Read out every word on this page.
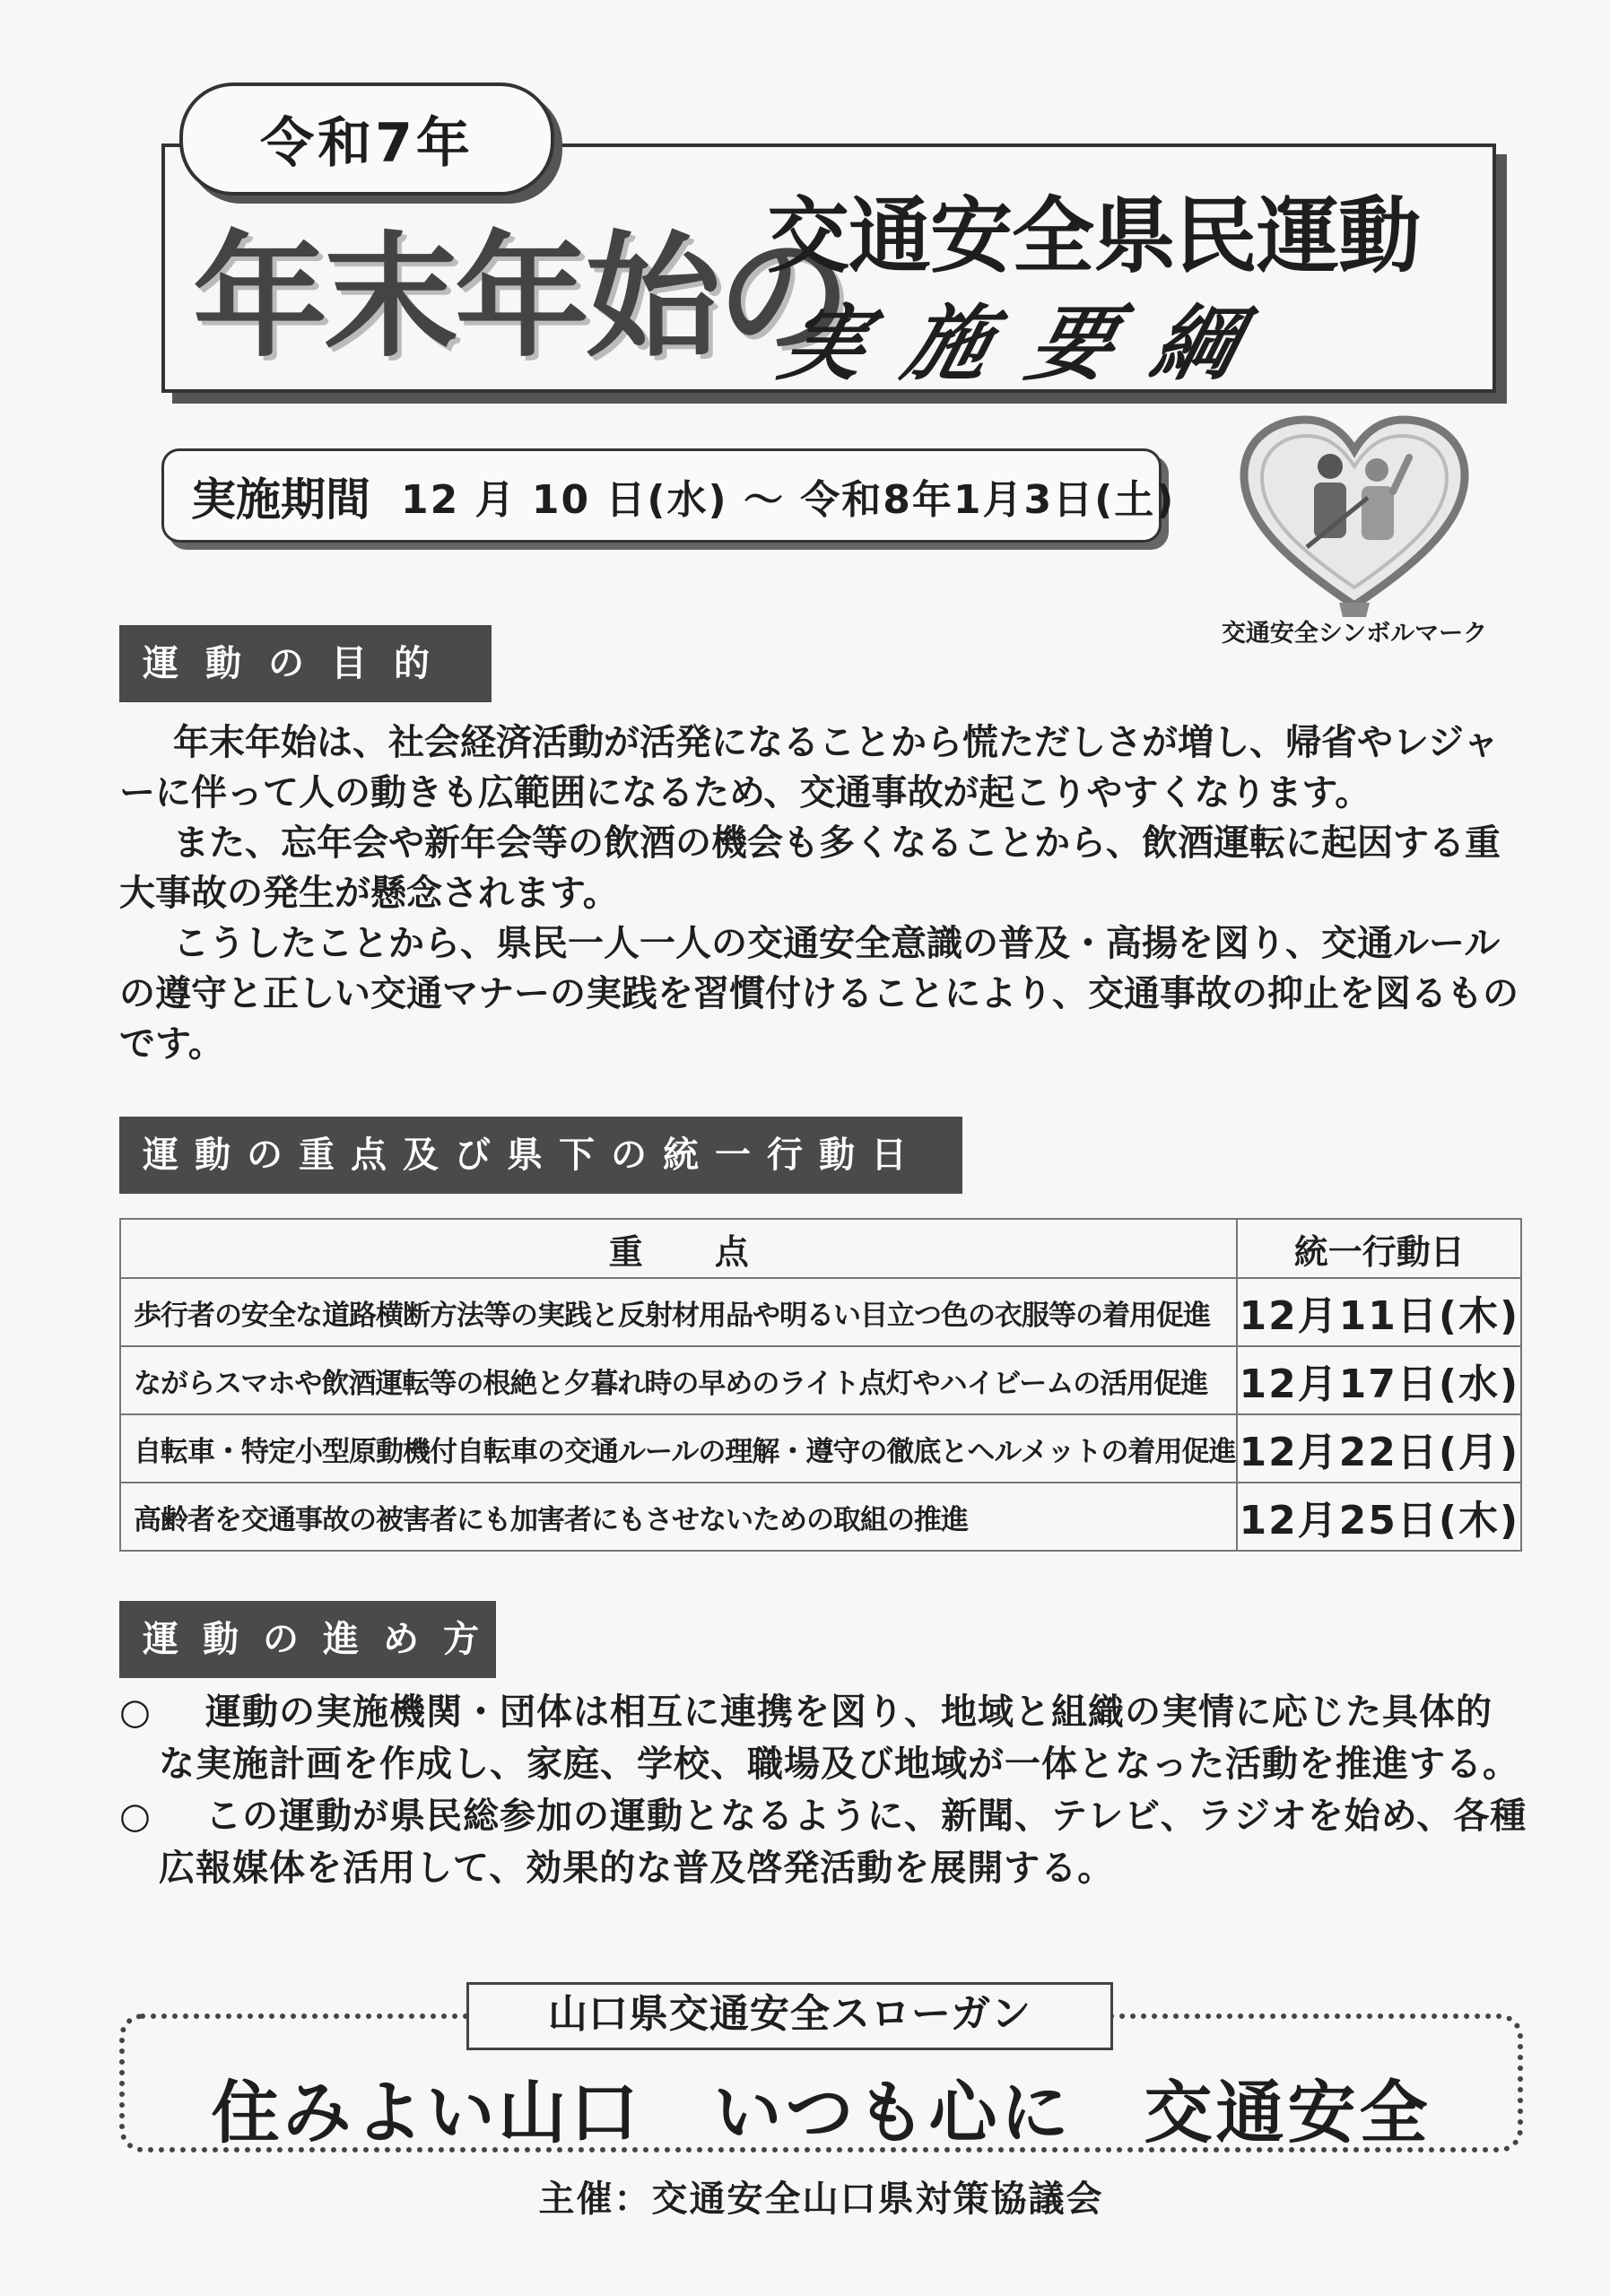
令和7年
年末年始の
交通安全県民運動
実施要綱
実施期間 12 月 10 日(水) ～ 令和8年1月3日(土)
交通安全シンボルマーク
運動の目的

年末年始は、社会経済活動が活発になることから慌ただしさが増し、帰省やレジャーに伴って人の動きも広範囲になるため、交通事故が起こりやすくなります。

また、忘年会や新年会等の飲酒の機会も多くなることから、飲酒運転に起因する重大事故の発生が懸念されます。

こうしたことから、県民一人一人の交通安全意識の普及・高揚を図り、交通ルールの遵守と正しい交通マナーの実践を習慣付けることにより、交通事故の抑止を図るものです。

運動の重点及び県下の統一行動日
重点	統一行動日
歩行者の安全な道路横断方法等の実践と反射材用品や明るい目立つ色の衣服等の着用促進	12月11日(木)
ながらスマホや飲酒運転等の根絶と夕暮れ時の早めのライト点灯やハイビームの活用促進	12月17日(水)
自転車・特定小型原動機付自転車の交通ルールの理解・遵守の徹底とヘルメットの着用促進	12月22日(月)
高齢者を交通事故の被害者にも加害者にもさせないための取組の推進	12月25日(木)
運動の進め方
○	運動の実施機関・団体は相互に連携を図り、地域と組織の実情に応じた具体的な実施計画を作成し、家庭、学校、職場及び地域が一体となった活動を推進する。
○	この運動が県民総参加の運動となるように、新聞、テレビ、ラジオを始め、各種広報媒体を活用して、効果的な普及啓発活動を展開する。
山口県交通安全スローガン
住みよい山口　いつも心に　交通安全
主催：交通安全山口県対策協議会
